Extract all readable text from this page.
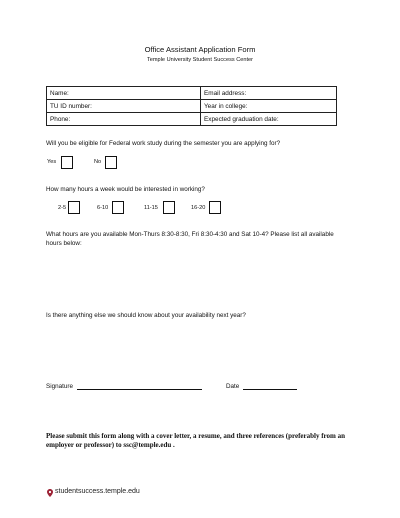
Office Assistant Application Form
Temple University Student Success Center
Name:	Email address:
TU ID number:	Year in college:
Phone:	Expected graduation date:
Will you be eligible for Federal work study during the semester you are applying for?
Yes	No
How many hours a week would be interested in working?
2-5	6-10	11-15	16-20
What hours are you available Mon-Thurs 8:30-8:30, Fri 8:30-4:30 and Sat 10-4? Please list all available hours below:
Is there anything else we should know about your availability next year?
Signature	Date
Please submit this form along with a cover letter, a resume, and three references (preferably from an employer or professor) to ssc@temple.edu .
studentsuccess.temple.edu
